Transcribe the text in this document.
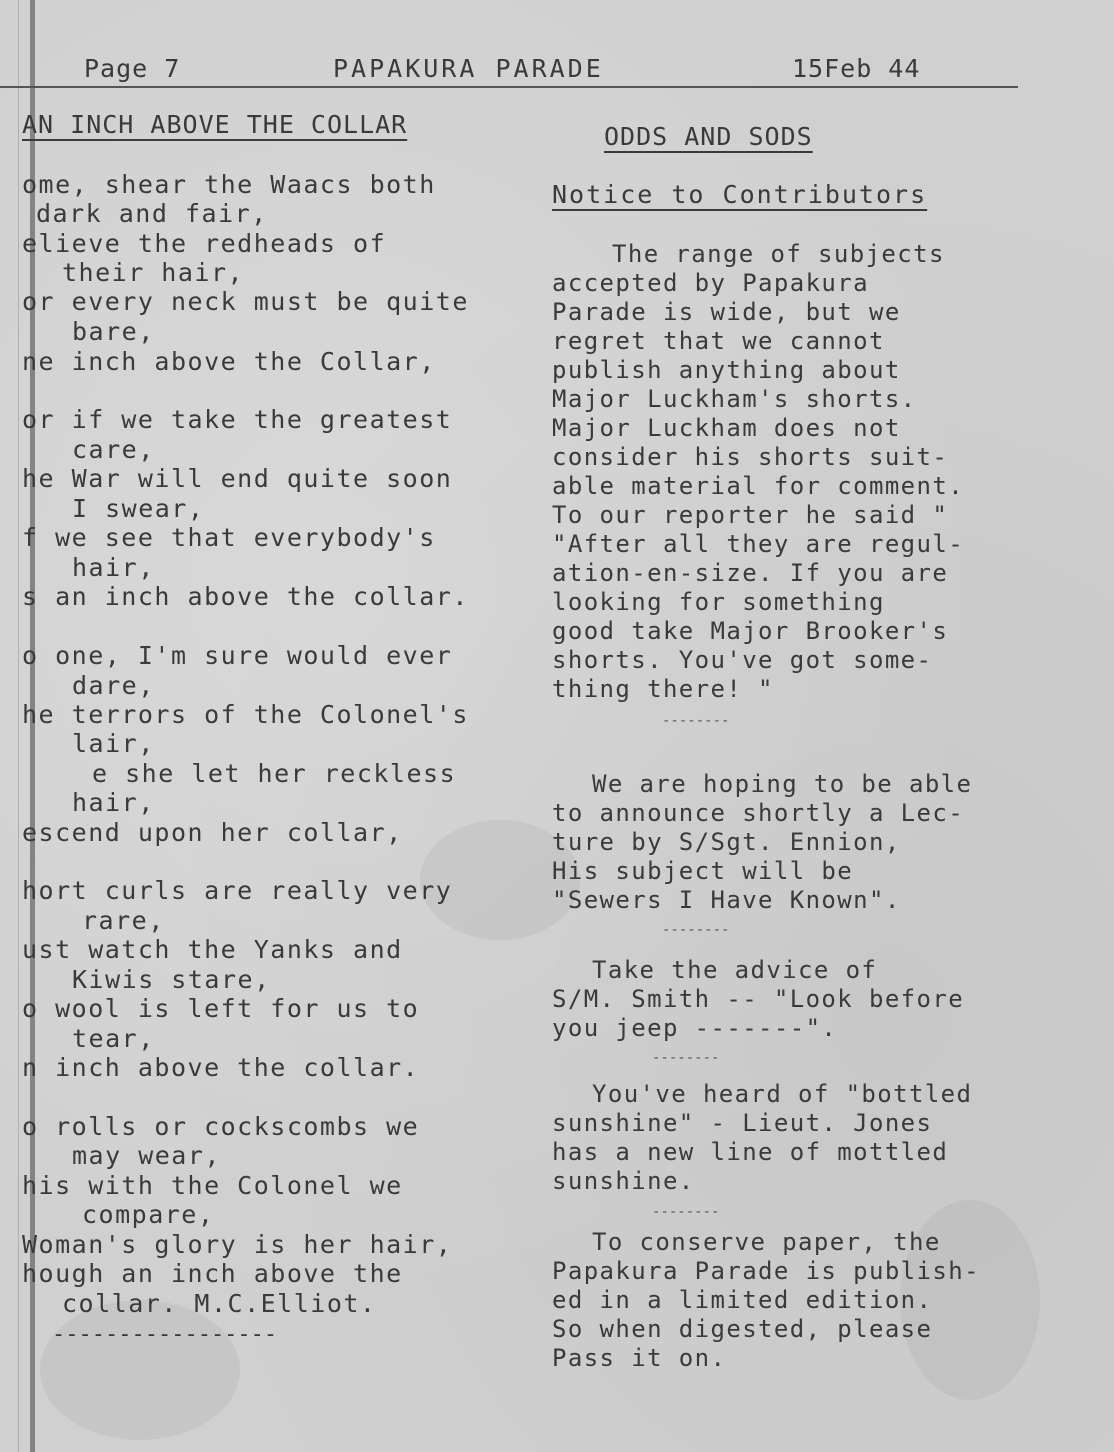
Page 7	PAPAKURA PARADE	15Feb 44
AN INCH ABOVE THE COLLAR
ome, shear the Waacs both
dark and fair,
elieve the redheads of
their hair,
or every neck must be quite
bare,
ne inch above the Collar,
or if we take the greatest
care,
he War will end quite soon
I swear,
f we see that everybody's
hair,
s an inch above the collar.
o one, I'm sure would ever
dare,
he terrors of the Colonel's
lair,
e she let her reckless
hair,
escend upon her collar,
hort curls are really very
rare,
ust watch the Yanks and
Kiwis stare,
o wool is left for us to
tear,
n inch above the collar.
o rolls or cockscombs we
may wear,
his with the Colonel we
compare,
Woman's glory is her hair,
hough an inch above the
collar. M.C.Elliot.
-----------------
ODDS AND SODS
Notice to Contributors
The range of subjects
accepted by Papakura
Parade is wide, but we
regret that we cannot
publish anything about
Major Luckham's shorts.
Major Luckham does not
consider his shorts suit-
able material for comment.
To our reporter he said "
"After all they are regul-
ation-en-size. If you are
looking for something
good take Major Brooker's
shorts. You've got some-
thing there! "
--------
We are hoping to be able
to announce shortly a Lec-
ture by S/Sgt. Ennion,
His subject will be
"Sewers I Have Known".
--------
Take the advice of
S/M. Smith -- "Look before
you jeep -------".
--------
You've heard of "bottled
sunshine" - Lieut. Jones
has a new line of mottled
sunshine.
--------
To conserve paper, the
Papakura Parade is publish-
ed in a limited edition.
So when digested, please
Pass it on.
